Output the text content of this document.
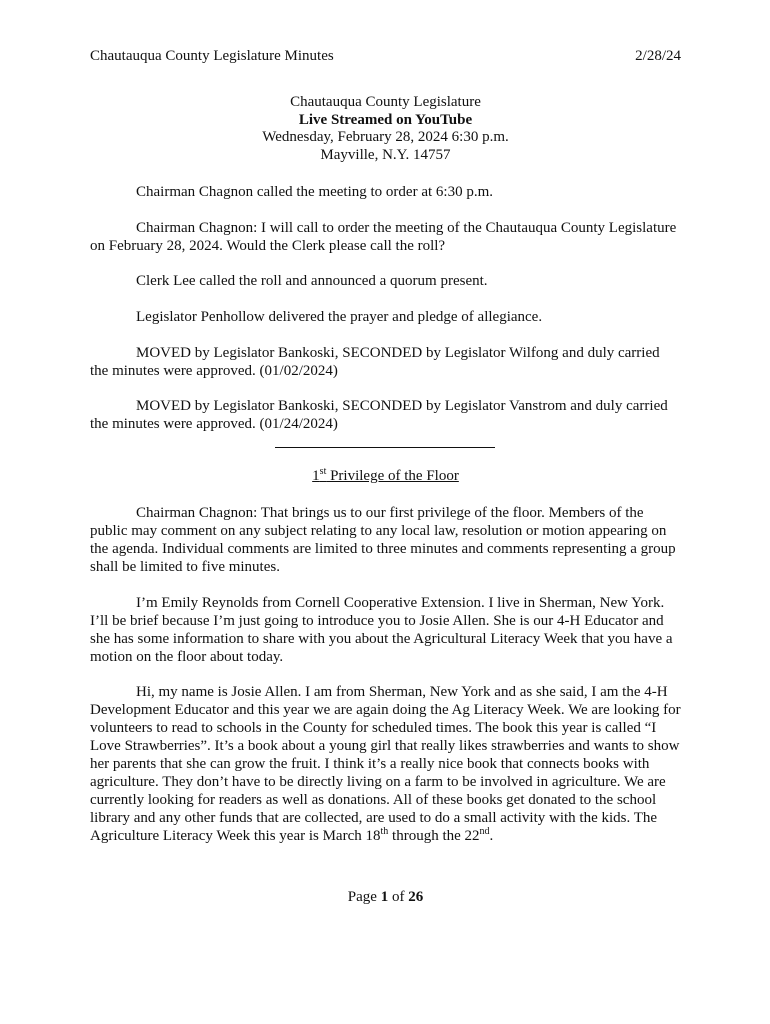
Chautauqua County Legislature Minutes	2/28/24
Chautauqua County Legislature
Live Streamed on YouTube
Wednesday, February 28, 2024 6:30 p.m.
Mayville, N.Y. 14757

Chairman Chagnon called the meeting to order at 6:30 p.m.

Chairman Chagnon: I will call to order the meeting of the Chautauqua County Legislature on February 28, 2024. Would the Clerk please call the roll?

Clerk Lee called the roll and announced a quorum present.

Legislator Penhollow delivered the prayer and pledge of allegiance.

MOVED by Legislator Bankoski, SECONDED by Legislator Wilfong and duly carried the minutes were approved. (01/02/2024)

MOVED by Legislator Bankoski, SECONDED by Legislator Vanstrom and duly carried the minutes were approved. (01/24/2024)

1st Privilege of the Floor

Chairman Chagnon: That brings us to our first privilege of the floor. Members of the public may comment on any subject relating to any local law, resolution or motion appearing on the agenda. Individual comments are limited to three minutes and comments representing a group shall be limited to five minutes.

I’m Emily Reynolds from Cornell Cooperative Extension. I live in Sherman, New York. I’ll be brief because I’m just going to introduce you to Josie Allen. She is our 4-H Educator and she has some information to share with you about the Agricultural Literacy Week that you have a motion on the floor about today.

Hi, my name is Josie Allen. I am from Sherman, New York and as she said, I am the 4-H Development Educator and this year we are again doing the Ag Literacy Week. We are looking for volunteers to read to schools in the County for scheduled times. The book this year is called “I Love Strawberries”. It’s a book about a young girl that really likes strawberries and wants to show her parents that she can grow the fruit. I think it’s a really nice book that connects books with agriculture. They don’t have to be directly living on a farm to be involved in agriculture. We are currently looking for readers as well as donations. All of these books get donated to the school library and any other funds that are collected, are used to do a small activity with the kids. The Agriculture Literacy Week this year is March 18th through the 22nd.

Page 1 of 26
